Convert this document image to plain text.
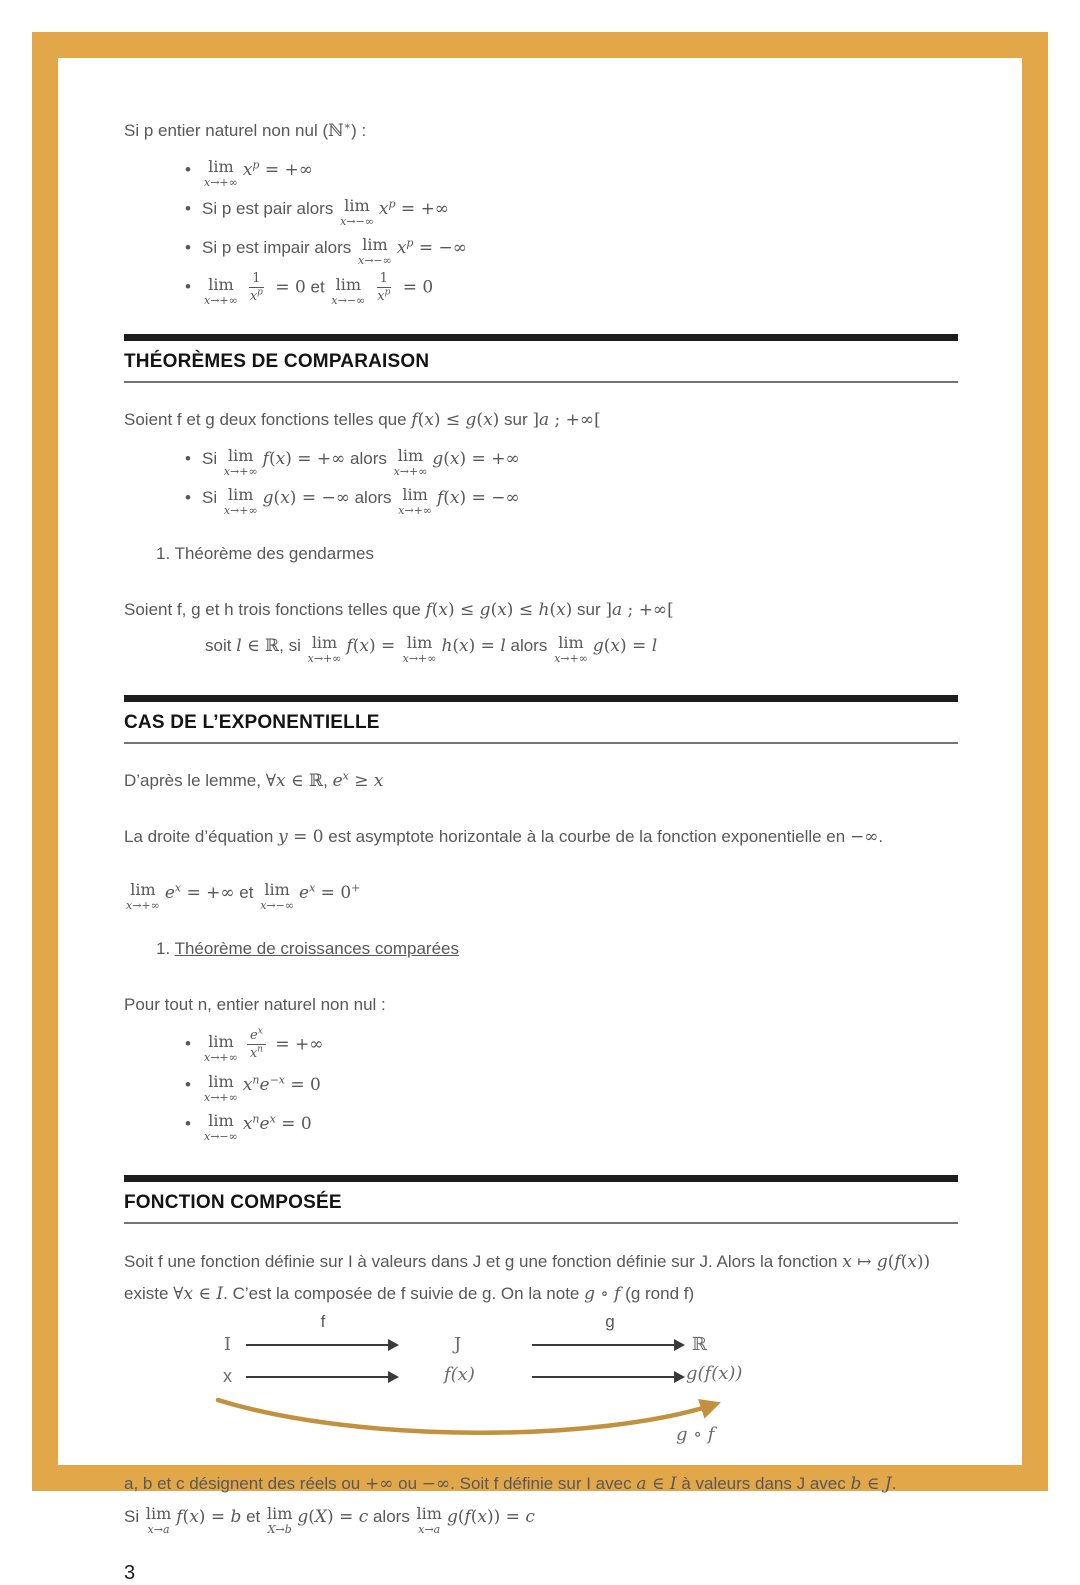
Si p entier naturel non nul (ℕ∗) :
• lim
x→+∞
$x^p$ = +∞
• Si p est pair alors lim
x→−∞
$x^p$ = +∞
• Si p est impair alors lim
x→−∞
$x^p$ = −∞
• lim
$x\to+\infty \frac{1}{x^p} = 0$ et lim
$x\to-\infty \frac{1}{x^p} = 0$
THÉORÈMES DE COMPARAISON
Soient f et g deux fonctions telles que f(x) ≤ g(x) sur ]a ; +∞[
• Si lim
x→+∞
f(x) = +∞ alors lim
x→+∞
g(x) = +∞
• Si lim
x→+∞
g(x) = −∞ alors lim
x→+∞
f(x) = −∞
1. Théorème des gendarmes
Soient f, g et h trois fonctions telles que f(x) ≤ g(x) ≤ h(x) sur ]a ; +∞[
soit l ∈ ℝ, si lim
x→+∞
f(x) = lim
x→+∞
h(x) = l alors lim
x→+∞
g(x) = l
CAS DE L’EXPONENTIELLE
D’après le lemme, ∀x ∈ ℝ, $e^x \ge x$
La droite d’équation y = 0 est asymptote horizontale à la courbe de la fonction exponentielle en −∞.
lim
x→+∞
$e^x$ = +∞ et lim
x→−∞
$e^x = 0^+$
1. Théorème de croissances comparées
Pour tout n, entier naturel non nul :
• lim
$x\to+\infty \frac{e^x}{x^n}$ = +∞
• lim
x→+∞
$x^ne^{-x} = 0$
• lim
x→−∞
$x^ne^x = 0$
FONCTION COMPOSÉE
Soit f une fonction définie sur I à valeurs dans J et g une fonction définie sur J. Alors la fonction x ↦ g(f(x)) existe ∀x ∈ I. C’est la composée de f suivie de g. On la note g ∘ f (g rond f)
I
f
J
g
ℝ
x	f(x)	g(f(x))
g ∘ f
a, b et c désignent des réels ou +∞ ou −∞. Soit f définie sur I avec a ∈ I à valeurs dans J avec b ∈ J.
Si lim
x→a
f(x) = b et lim
X→b
g(X) = c alors lim
x→a
g(f(x)) = c
3
